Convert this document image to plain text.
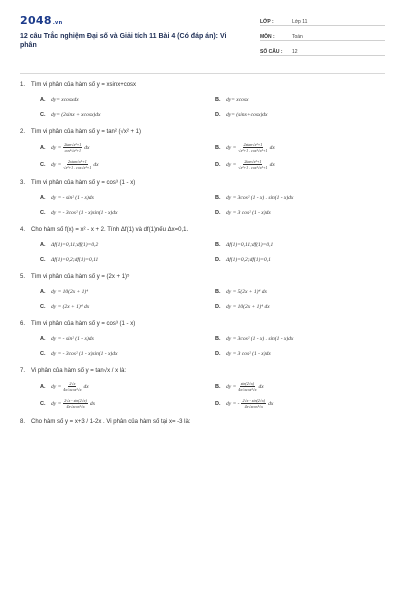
2048.vn
12 câu Trắc nghiệm Đại số và Giải tích 11 Bài 4 (Có đáp án): Vi phân
LỚP :	Lớp 11
MÔN :	Toán
SỐ CÂU :	12
1. Tìm vi phân của hàm số y = xsinx+cosx
A.	dy= xcosxdx	B.	dy= xcosx
C.	dy= (2sinx + xcosx)dx	D.	dy= (sinx+cosx)dx
2. Tìm vi phân của hàm số y = tan² (√x² + 1)
A.	dy = $\frac{\text{2tan√x²+1}}{\text{cos²√x²+1}}$ dx	B.	dy = $\frac{\text{2xtan√x²+1}}{\text{√x²+1 . cos²√x²+1}}$ dx
C.	dy = $\frac{\text{2xtan√x²+1}}{\text{√x²+1 . cos√x²+1}}$ dx	D.	dy = $\frac{\text{2tan√x²+1}}{\text{√x²+1 . cos²√x²+1}}$ dx
3. Tìm vi phân của hàm số y = cos³ (1 - x)
A.	dy = - sin² (1 - x)dx	B.	dy = 3cos² (1 - x) . sin(1 - x)dx
C.	dy = - 3cos² (1 - x)sin(1 - x)dx	D.	dy = 3 cos² (1 - x)dx
4. Cho hàm số f(x) = x² - x + 2. Tính Δf(1) và df(1)nếu Δx=0,1.
A.	Δf(1)=0,11;df(1)=0,2	B.	Δf(1)=0,11;df(1)=0,1
C.	Δf(1)=0,2;df(1)=0,11	D.	Δf(1)=0,2;df(1)=0,1
5. Tìm vi phân của hàm số y = (2x + 1)⁵
A.	dy = 10(2x + 1)⁴	B.	dy = 5(2x + 1)⁴ dx
C.	dy = (2x + 1)⁴ dx	D.	dy = 10(2x + 1)⁴ dx
6. Tìm vi phân của hàm số y = cos³ (1 - x)
A.	dy = - sin² (1 - x)dx	B.	dy = 3cos² (1 - x) . sin(1 - x)dx
C.	dy = - 3cos² (1 - x)sin(1 - x)dx	D.	dy = 3 cos² (1 - x)dx
7. Vi phân của hàm số y = tan√x / x là:
A.	dy = $\frac{2√x}{\text{4x√xcos²√x}}$ dx	B.	dy = $\frac{\sin(2√x)}{\text{4x√xcos²√x}}$ dx
C.	dy = $\frac{2√x - \sin(2√x)}{\text{4x√xcos²√x}}$ dx	D.	dy = - $\frac{2√x - \sin(2√x)}{\text{4x√xcos²√x}}$ dx
8. Cho hàm số y = x+3 / 1-2x . Vi phân của hàm số tại x= -3 là:
